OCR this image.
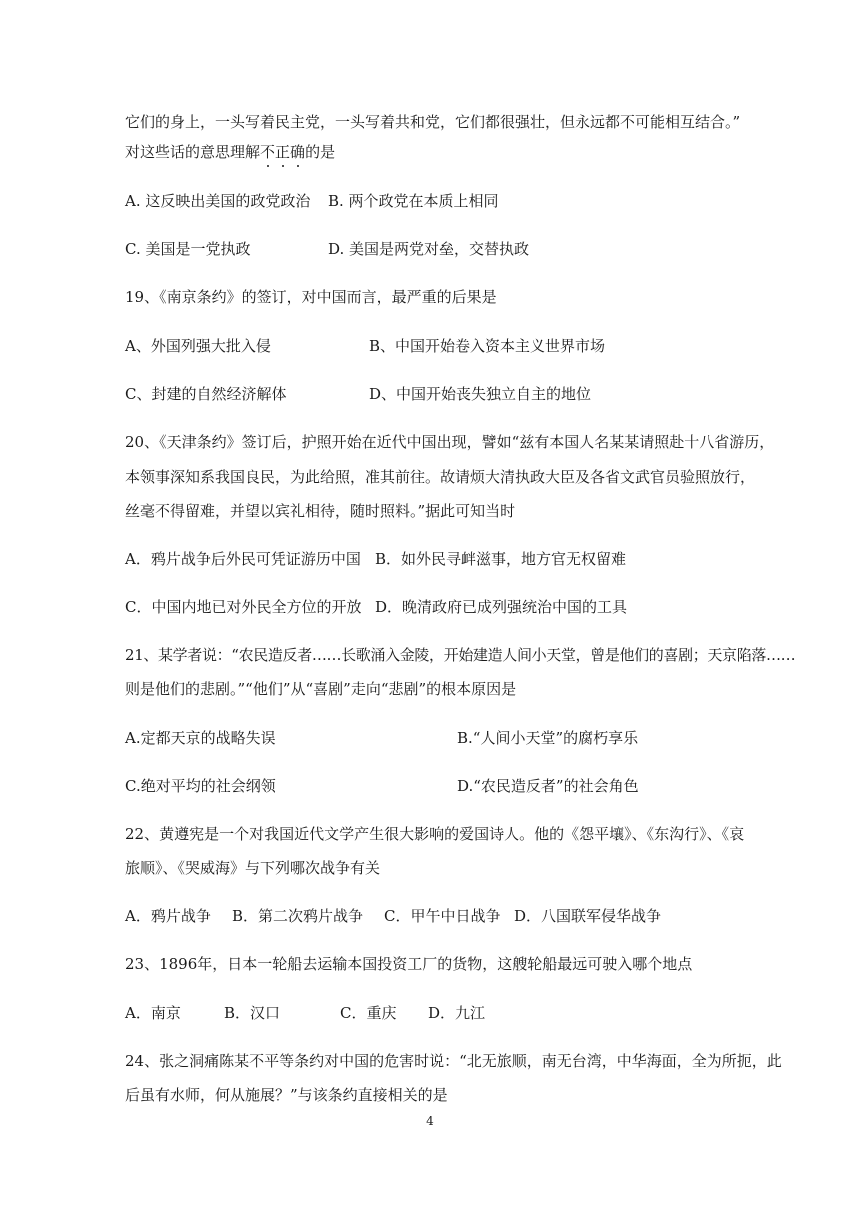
它们的身上，一头写着民主党，一头写着共和党，它们都很强壮，但永远都不可能相互结合。”
对这些话的意思理解不正确的是
A. 这反映出美国的政党政治 B. 两个政党在本质上相同
C. 美国是一党执政	D. 美国是两党对垒，交替执政
19、《南京条约》的签订，对中国而言，最严重的后果是
A、外国列强大批入侵	B、中国开始卷入资本主义世界市场
C、封建的自然经济解体	D、中国开始丧失独立自主的地位
20、《天津条约》签订后，护照开始在近代中国出现，譬如“兹有本国人名某某请照赴十八省游历，
本领事深知系我国良民，为此给照，准其前往。故请烦大清执政大臣及各省文武官员验照放行，
丝毫不得留难，并望以宾礼相待，随时照料。”据此可知当时
A．鸦片战争后外民可凭证游历中国 B．如外民寻衅滋事，地方官无权留难
C．中国内地已对外民全方位的开放 D．晚清政府已成列强统治中国的工具
21、某学者说：“农民造反者……长歌涌入金陵，开始建造人间小天堂，曾是他们的喜剧；天京陷落……
则是他们的悲剧。”“他们”从“喜剧”走向“悲剧”的根本原因是
A.定都天京的战略失误	B.“人间小天堂”的腐朽享乐
C.绝对平均的社会纲领	D.“农民造反者”的社会角色
22、黄遵宪是一个对我国近代文学产生很大影响的爱国诗人。他的《怨平壤》、《东沟行》、《哀
旅顺》、《哭威海》与下列哪次战争有关
A．鸦片战争 B．第二次鸦片战争 C．甲午中日战争 D．八国联军侵华战争
23、1896年，日本一轮船去运输本国投资工厂的货物，这艘轮船最远可驶入哪个地点
A．南京	B．汉口	C．重庆 D．九江
24、张之洞痛陈某不平等条约对中国的危害时说：“北无旅顺，南无台湾，中华海面，全为所扼，此
后虽有水师，何从施展？”与该条约直接相关的是
4
